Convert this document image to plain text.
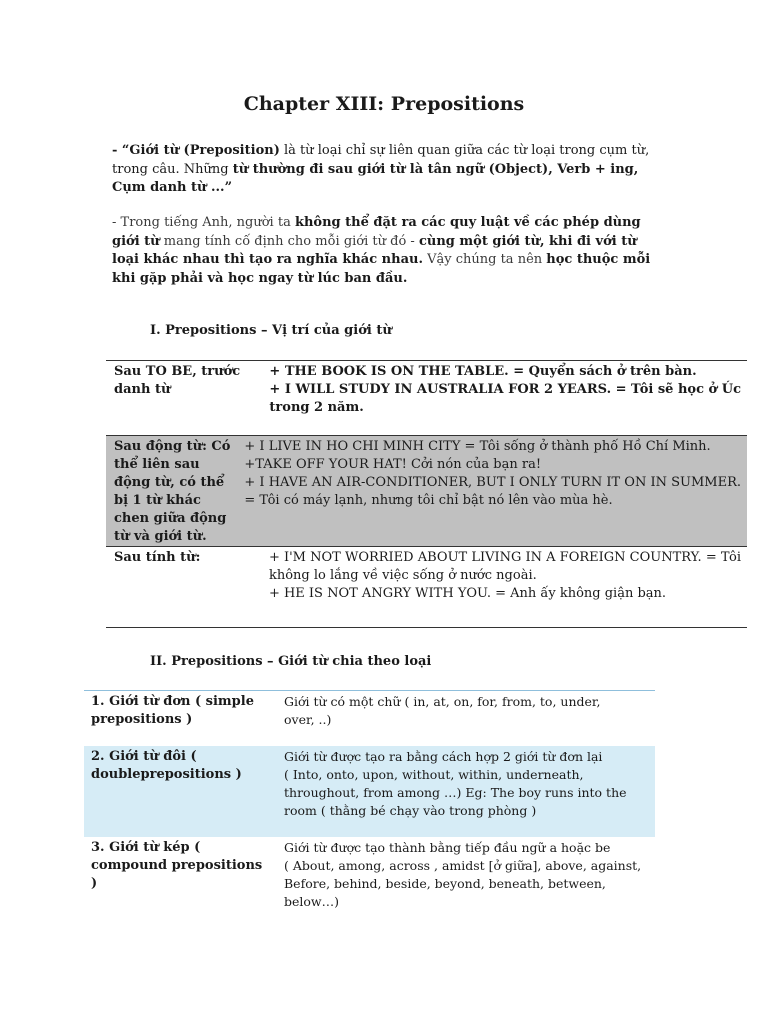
Chapter XIII: Prepositions
- “Giới từ (Preposition) là từ loại chỉ sự liên quan giữa các từ loại trong cụm từ, trong câu. Những từ thường đi sau giới từ là tân ngữ (Object), Verb + ing, Cụm danh từ ...”
- Trong tiếng Anh, người ta không thể đặt ra các quy luật về các phép dùng giới từ mang tính cố định cho mỗi giới từ đó - cùng một giới từ, khi đi với từ loại khác nhau thì tạo ra nghĩa khác nhau. Vậy chúng ta nên học thuộc mỗi khi gặp phải và học ngay từ lúc ban đầu.
I. Prepositions – Vị trí của giới từ
Sau TO BE, trước danh từ
+ THE BOOK IS ON THE TABLE. = Quyển sách ở trên bàn.
+ I WILL STUDY IN AUSTRALIA FOR 2 YEARS. = Tôi sẽ học ở Úc
trong 2 năm.
Sau động từ: Có thể liên sau động từ, có thể bị 1 từ khác chen giữa động từ và giới từ.
+ I LIVE IN HO CHI MINH CITY = Tôi sống ở thành phố Hồ Chí Minh.
+TAKE OFF YOUR HAT! Cởi nón của bạn ra!
+ I HAVE AN AIR-CONDITIONER, BUT I ONLY TURN IT ON IN SUMMER.
= Tôi có máy lạnh, nhưng tôi chỉ bật nó lên vào mùa hè.
Sau tính từ:	+ I'M NOT WORRIED ABOUT LIVING IN A FOREIGN COUNTRY. = Tôi
không lo lắng về việc sống ở nước ngoài.
+ HE IS NOT ANGRY WITH YOU. = Anh ấy không giận bạn.
II. Prepositions – Giới từ chia theo loại
1. Giới từ đơn ( simple prepositions )
Giới từ có một chữ ( in, at, on, for, from, to, under,
over, ..)
2. Giới từ đôi ( doubleprepositions )
Giới từ được tạo ra bằng cách hợp 2 giới từ đơn lại
( Into, onto, upon, without, within, underneath,
throughout, from among …) Eg: The boy runs into the
room ( thằng bé chạy vào trong phòng )
3. Giới từ kép ( compound prepositions )
Giới từ được tạo thành bằng tiếp đầu ngữ a hoặc be
( About, among, across , amidst [ở giữa], above, against,
Before, behind, beside, beyond, beneath, between,
below…)
